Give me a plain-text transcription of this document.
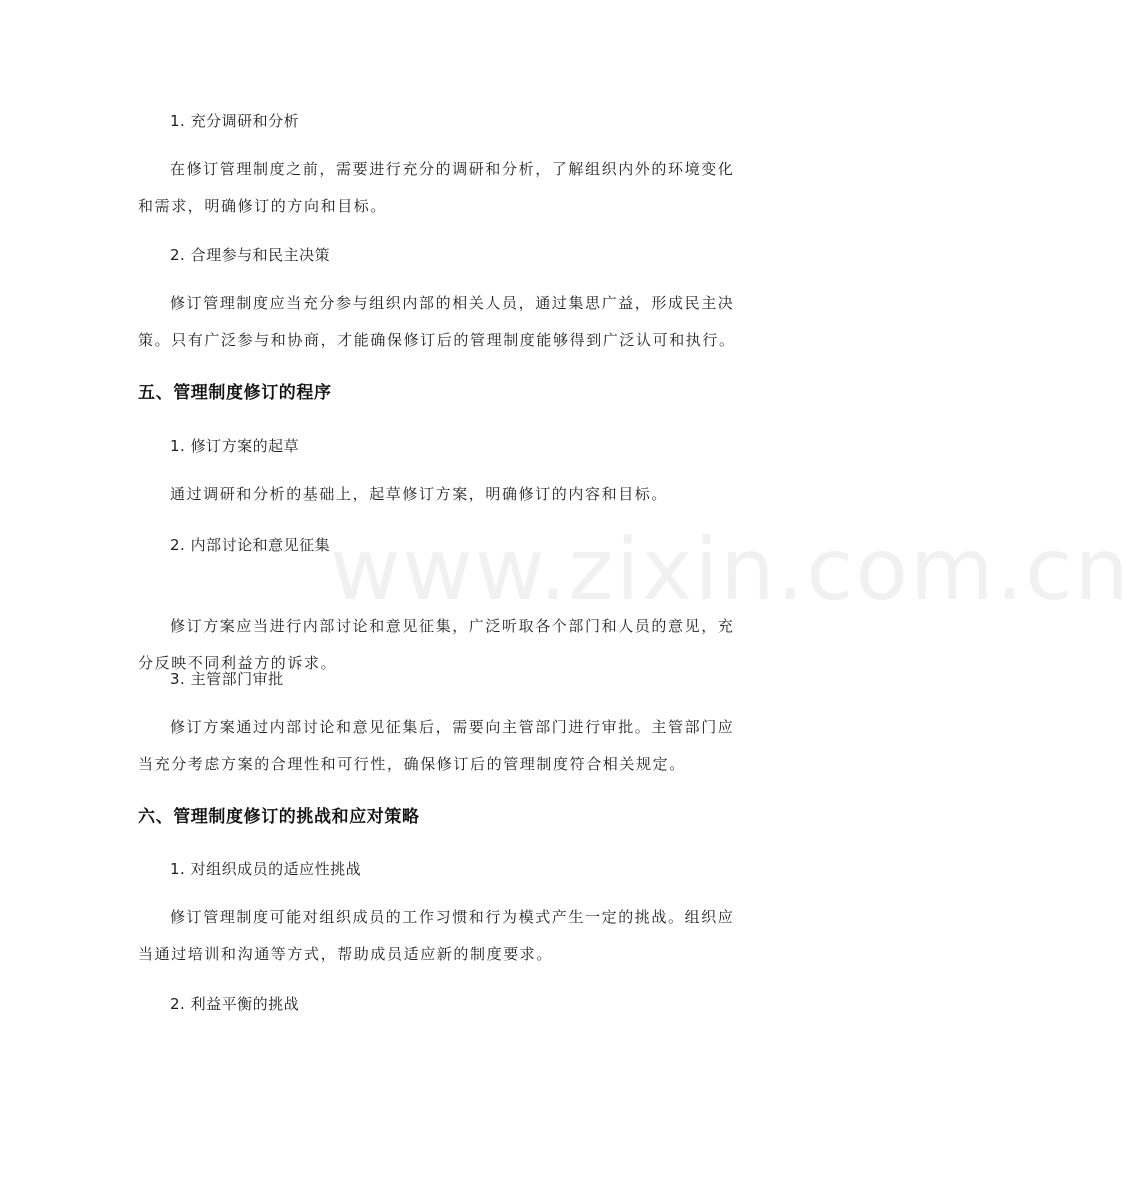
www.zixin.com.cn
1. 充分调研和分析
在修订管理制度之前，需要进行充分的调研和分析，了解组织内外的环境变化
和需求，明确修订的方向和目标。
2. 合理参与和民主决策
修订管理制度应当充分参与组织内部的相关人员，通过集思广益，形成民主决
策。只有广泛参与和协商，才能确保修订后的管理制度能够得到广泛认可和执行。
五、管理制度修订的程序
1. 修订方案的起草
通过调研和分析的基础上，起草修订方案，明确修订的内容和目标。
2. 内部讨论和意见征集
修订方案应当进行内部讨论和意见征集，广泛听取各个部门和人员的意见，充
分反映不同利益方的诉求。
3. 主管部门审批
修订方案通过内部讨论和意见征集后，需要向主管部门进行审批。主管部门应
当充分考虑方案的合理性和可行性，确保修订后的管理制度符合相关规定。
六、管理制度修订的挑战和应对策略
1. 对组织成员的适应性挑战
修订管理制度可能对组织成员的工作习惯和行为模式产生一定的挑战。组织应
当通过培训和沟通等方式，帮助成员适应新的制度要求。
2. 利益平衡的挑战
